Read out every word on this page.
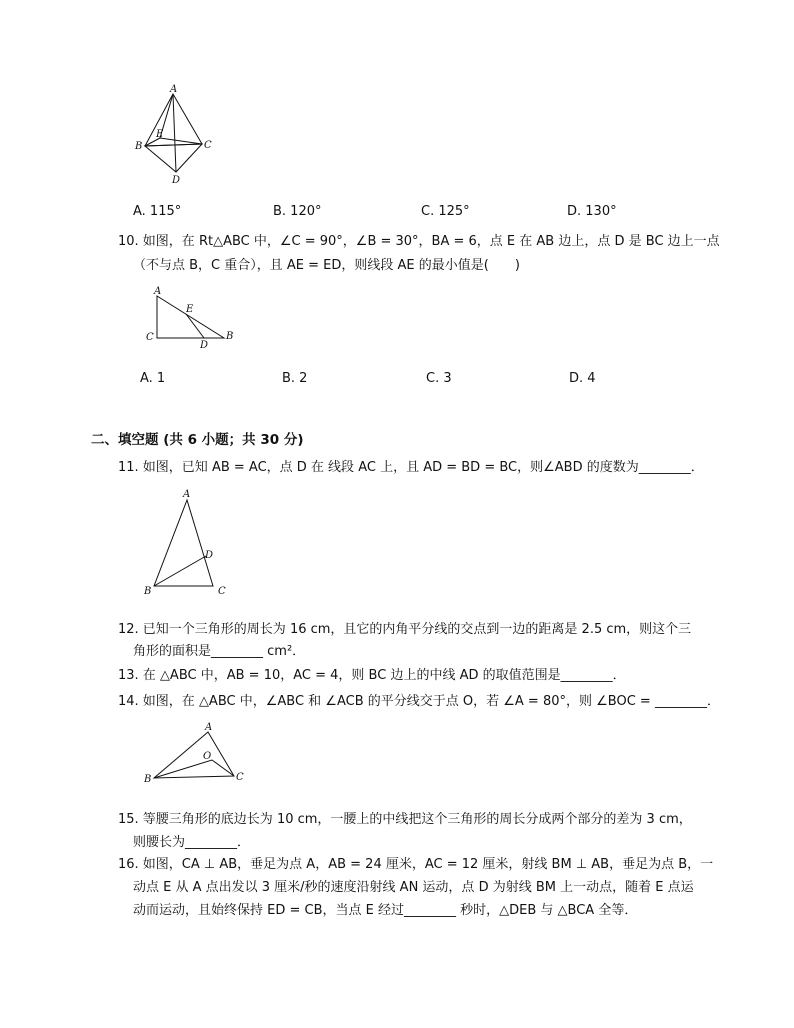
A
B	C
D
E
A. 115°	B. 120°	C. 125°	D. 130°
10. 如图，在 Rt△ABC 中，∠C = 90°，∠B = 30°，BA = 6，点 E 在 AB 边上，点 D 是 BC 边上一点
（不与点 B，C 重合），且 AE = ED，则线段 AE 的最小值是(　　)
A
C	B
E
D
A. 1	B. 2	C. 3	D. 4
二、填空题 (共 6 小题；共 30 分)
11. 如图，已知 AB = AC，点 D 在 线段 AC 上，且 AD = BD = BC，则∠ABD 的度数为________．
A
B	C
D
12. 已知一个三角形的周长为 16 cm，且它的内角平分线的交点到一边的距离是 2.5 cm，则这个三
角形的面积是________ cm²．
13. 在 △ABC 中，AB = 10，AC = 4，则 BC 边上的中线 AD 的取值范围是________．
14. 如图，在 △ABC 中，∠ABC 和 ∠ACB 的平分线交于点 O，若 ∠A = 80°，则 ∠BOC = ________．
A
B	C
O
15. 等腰三角形的底边长为 10 cm，一腰上的中线把这个三角形的周长分成两个部分的差为 3 cm，
则腰长为________．
16. 如图，CA ⊥ AB，垂足为点 A，AB = 24 厘米，AC = 12 厘米，射线 BM ⊥ AB，垂足为点 B，一
动点 E 从 A 点出发以 3 厘米/秒的速度沿射线 AN 运动，点 D 为射线 BM 上一动点，随着 E 点运
动而运动，且始终保持 ED = CB，当点 E 经过________ 秒时，△DEB 与 △BCA 全等．
